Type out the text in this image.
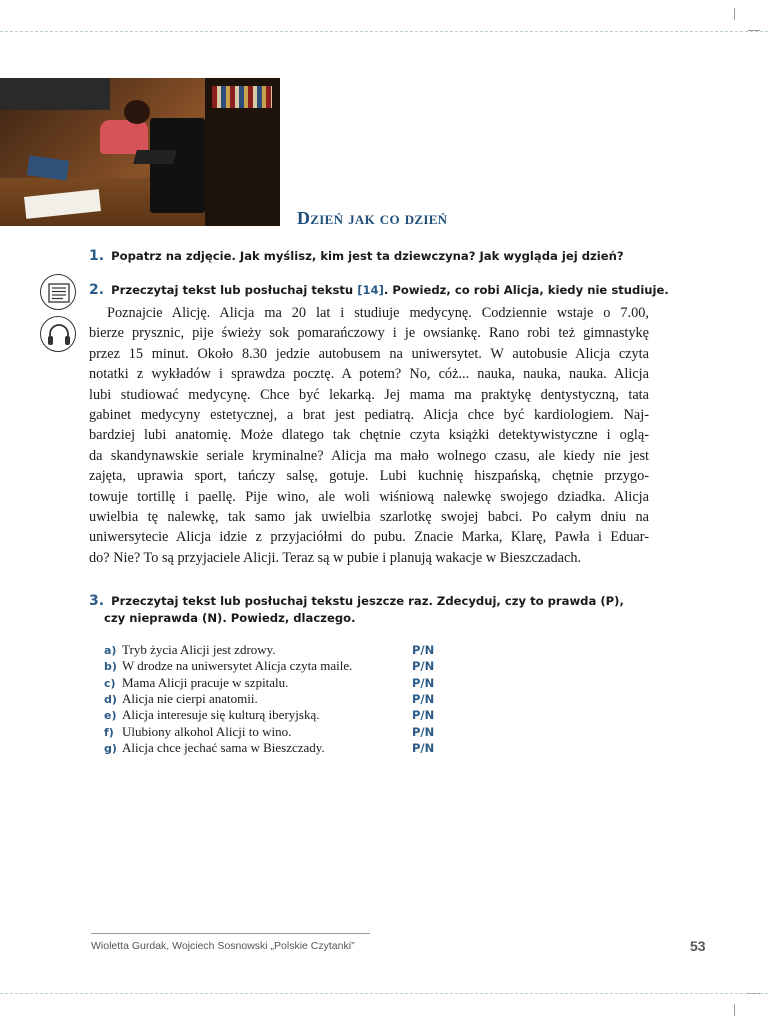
Dzień jak co dzień
1. Popatrz na zdjęcie. Jak myślisz, kim jest ta dziewczyna? Jak wygląda jej dzień?
2. Przeczytaj tekst lub posłuchaj tekstu [14]. Powiedz, co robi Alicja, kiedy nie studiuje.
Poznajcie Alicję. Alicja ma 20 lat i studiuje medycynę. Codziennie wstaje o 7.00,
bierze prysznic, pije świeży sok pomarańczowy i je owsiankę. Rano robi też gimnastykę
przez 15 minut. Około 8.30 jedzie autobusem na uniwersytet. W autobusie Alicja czyta
notatki z wykładów i sprawdza pocztę. A potem? No, cóż... nauka, nauka, nauka. Alicja
lubi studiować medycynę. Chce być lekarką. Jej mama ma praktykę dentystyczną, tata
gabinet medycyny estetycznej, a brat jest pediatrą. Alicja chce być kardiologiem. Naj-
bardziej lubi anatomię. Może dlatego tak chętnie czyta książki detektywistyczne i oglą-
da skandynawskie seriale kryminalne? Alicja ma mało wolnego czasu, ale kiedy nie jest
zajęta, uprawia sport, tańczy salsę, gotuje. Lubi kuchnię hiszpańską, chętnie przygo-
towuje tortillę i paellę. Pije wino, ale woli wiśniową nalewkę swojego dziadka. Alicja
uwielbia tę nalewkę, tak samo jak uwielbia szarlotkę swojej babci. Po całym dniu na
uniwersytecie Alicja idzie z przyjaciółmi do pubu. Znacie Marka, Klarę, Pawła i Eduar-
do? Nie? To są przyjaciele Alicji. Teraz są w pubie i planują wakacje w Bieszczadach.
3. Przeczytaj tekst lub posłuchaj tekstu jeszcze raz. Zdecyduj, czy to prawda (P),
czy nieprawda (N). Powiedz, dlaczego.
a) Tryb życia Alicji jest zdrowy.	P/N
b) W drodze na uniwersytet Alicja czyta maile.	P/N
c) Mama Alicji pracuje w szpitalu.	P/N
d) Alicja nie cierpi anatomii.	P/N
e) Alicja interesuje się kulturą iberyjską.	P/N
f) Ulubiony alkohol Alicji to wino.	P/N
g) Alicja chce jechać sama w Bieszczady.	P/N
Wioletta Gurdak, Wojciech Sosnowski „Polskie Czytanki”	53
